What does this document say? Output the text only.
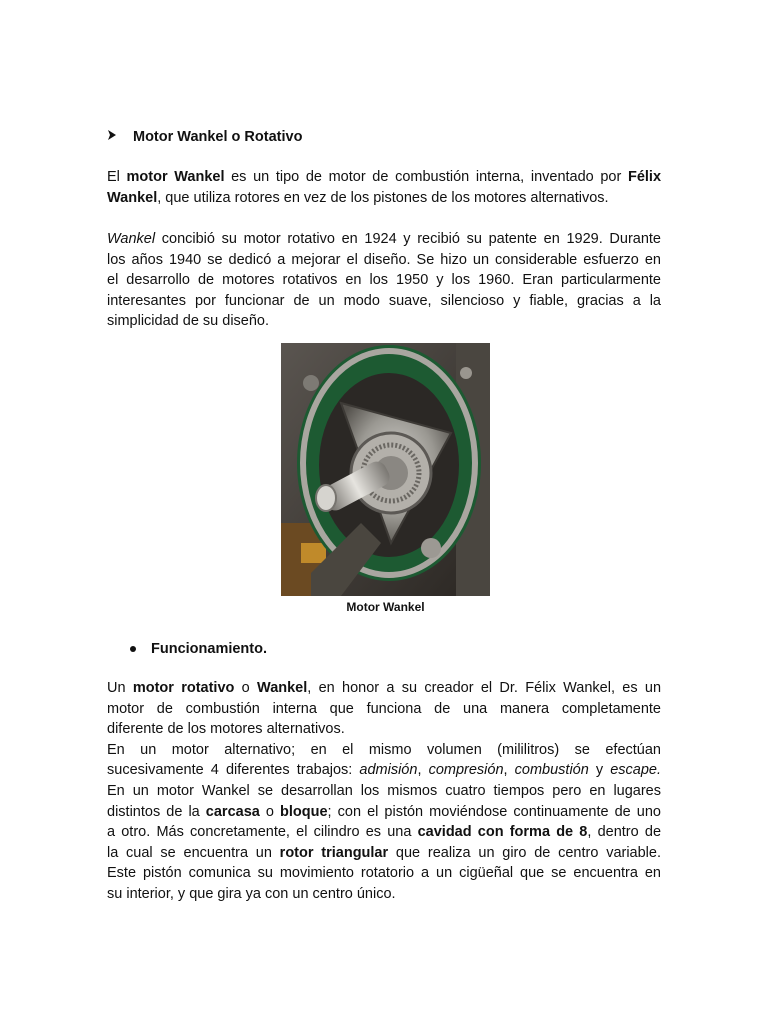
Motor Wankel o Rotativo
El motor Wankel es un tipo de motor de combustión interna, inventado por Félix
Wankel, que utiliza rotores en vez de los pistones de los motores alternativos.
Wankel concibió su motor rotativo en 1924 y recibió su patente en 1929. Durante
los años 1940 se dedicó a mejorar el diseño. Se hizo un considerable esfuerzo en
el desarrollo de motores rotativos en los 1950 y los 1960. Eran particularmente
interesantes por funcionar de un modo suave, silencioso y fiable, gracias a la
simplicidad de su diseño.
Motor Wankel
Funcionamiento.
Un motor rotativo o Wankel, en honor a su creador el Dr. Félix Wankel, es un
motor de combustión interna que funciona de una manera completamente
diferente de los motores alternativos.
En un motor alternativo; en el mismo volumen (mililitros) se efectúan
sucesivamente 4 diferentes trabajos: admisión, compresión, combustión y escape.
En un motor Wankel se desarrollan los mismos cuatro tiempos pero en lugares
distintos de la carcasa o bloque; con el pistón moviéndose continuamente de uno
a otro. Más concretamente, el cilindro es una cavidad con forma de 8, dentro de
la cual se encuentra un rotor triangular que realiza un giro de centro variable.
Este pistón comunica su movimiento rotatorio a un cigüeñal que se encuentra en
su interior, y que gira ya con un centro único.
